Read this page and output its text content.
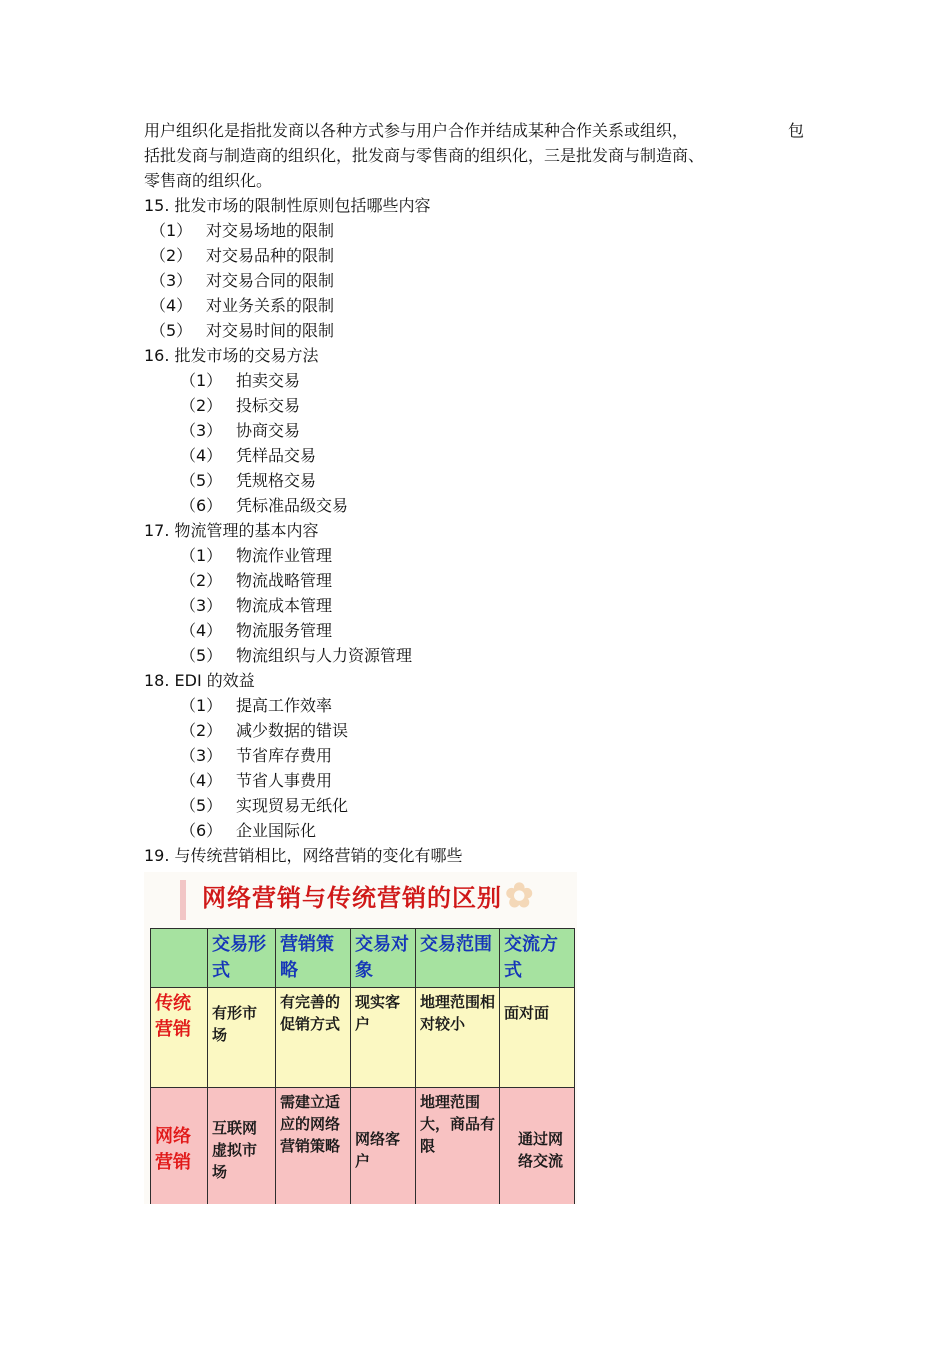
用户组织化是指批发商以各种方式参与用户合作并结成某种合作关系或组织，	包

括批发商与制造商的组织化，批发商与零售商的组织化，三是批发商与制造商、
零售商的组织化。

15. 批发市场的限制性原则包括哪些内容

（1） 对交易场地的限制

（2） 对交易品种的限制

（3） 对交易合同的限制

（4） 对业务关系的限制

（5） 对交易时间的限制

16. 批发市场的交易方法

（1） 拍卖交易

（2） 投标交易

（3） 协商交易

（4） 凭样品交易

（5） 凭规格交易

（6） 凭标准品级交易

17. 物流管理的基本内容

（1） 物流作业管理

（2） 物流战略管理

（3） 物流成本管理

（4） 物流服务管理

（5） 物流组织与人力资源管理

18. EDI 的效益

（1） 提高工作效率

（2） 减少数据的错误

（3） 节省库存费用

（4） 节省人事费用

（5） 实现贸易无纸化

（6） 企业国际化

19. 与传统营销相比，网络营销的变化有哪些

网络营销与传统营销的区别 ✿
	交易形式	营销策略	交易对象	交易范围	交流方式
传统营销	有形市场	有完善的促销方式	现实客户	地理范围相对较小	面对面
网络营销	互联网虚拟市场	需建立适应的网络营销策略	网络客户	地理范围大，商品有限	通过网络交流
